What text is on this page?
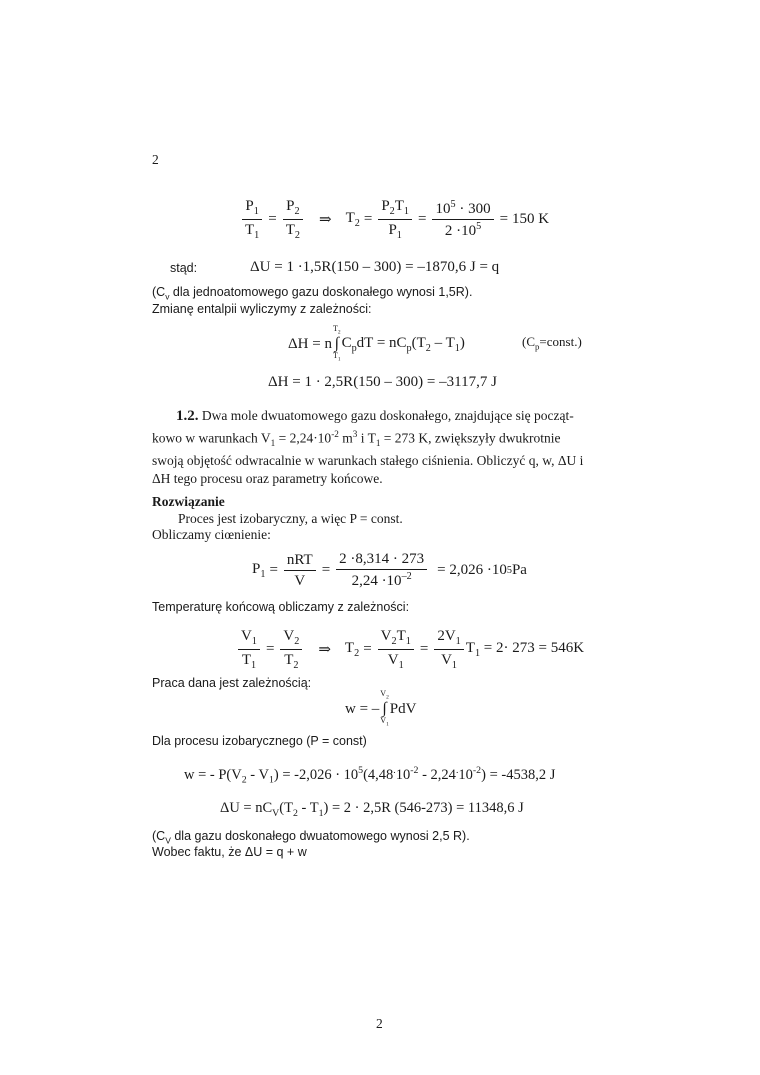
2
$\frac{P_1}{T_1} = \frac{P_2}{T_2}$ ⇒ $T_2 = \frac{P_2T_1}{P_1} = \frac{10^5 \cdot 300}{2 \cdot 10^5} = 150$ K
stąd:	ΔU = 1 ·1,5R(150 – 300) = –1870,6 J = q
($C_v$ dla jednoatomowego gazu doskonałego wynosi 1,5R).
Zmianę entalpii wyliczymy z zależności:
ΔH = n
$T_2$
∫
$T_1$
$C_pdT = nC_p(T_2 - T_1)$	$(C_p=const.)$
ΔH = 1 · 2,5R(150 – 300) = –3117,7 J
1.2. Dwa mole dwuatomowego gazu doskonałego, znajdujące się począt-
kowo w warunkach $V_1 = 2,24\cdot 10^{-2}$ $m^3$ i $T_1 = 273$ K, zwiększyły dwukrotnie
swoją objętość odwracalnie w warunkach stałego ciśnienia. Obliczyć q, w, ΔU i
ΔH tego procesu oraz parametry końcowe.
Rozwiązanie
Proces jest izobaryczny, a więc P = const.
Obliczamy ciœnienie:
$P_1 = \frac{\text{nRT}}{V} = \frac{2 \cdot 8,314 \cdot 273}{2,24 \cdot 10^{-2}} = 2,026 \cdot 10$ 5 Pa
Temperaturę końcową obliczamy z zależności:
$\frac{V_1}{T_1} = \frac{V_2}{T_2}$ ⇒ $T_2 = \frac{V_2T_1}{V_1} = \frac{2V_1}{V_1} T_1 = 2\cdot 273 = 546K$
Praca dana jest zależnością:
w = –
$V_2$
∫
$V_1$
PdV
Dla procesu izobarycznego (P = const)
w = - $P(V_2 - V_1) = -2,026 \cdot 10^5(4,48^.10^{-2} - 2,24^.10^{-2}) = -4538,2$ J
$\Delta U = nC_V(T_2 - T_1) = 2 \cdot 2,5R$ (546-273) = 11348,6 J
($C_V$ dla gazu doskonałego dwuatomowego wynosi 2,5 R).
Wobec faktu, że ΔU = q + w
2
